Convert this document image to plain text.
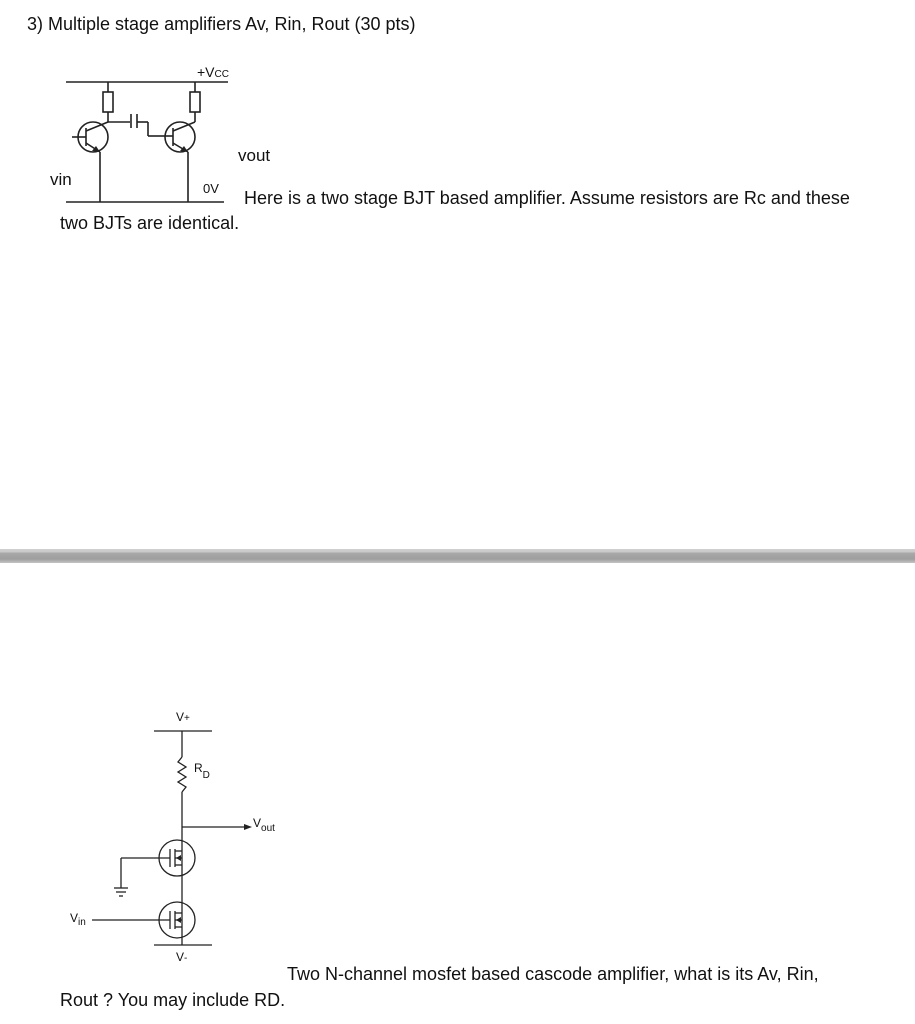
3) Multiple stage amplifiers Av, Rin, Rout (30 pts)
+VCC
vout
vin	0V Here is a two stage BJT based amplifier. Assume resistors are Rc and these
two BJTs are identical.
V+
$R_D$
$V_{out}$
$V_{in}$
V-
Two N-channel mosfet based cascode amplifier, what is its Av, Rin,
Rout ? You may include RD.
